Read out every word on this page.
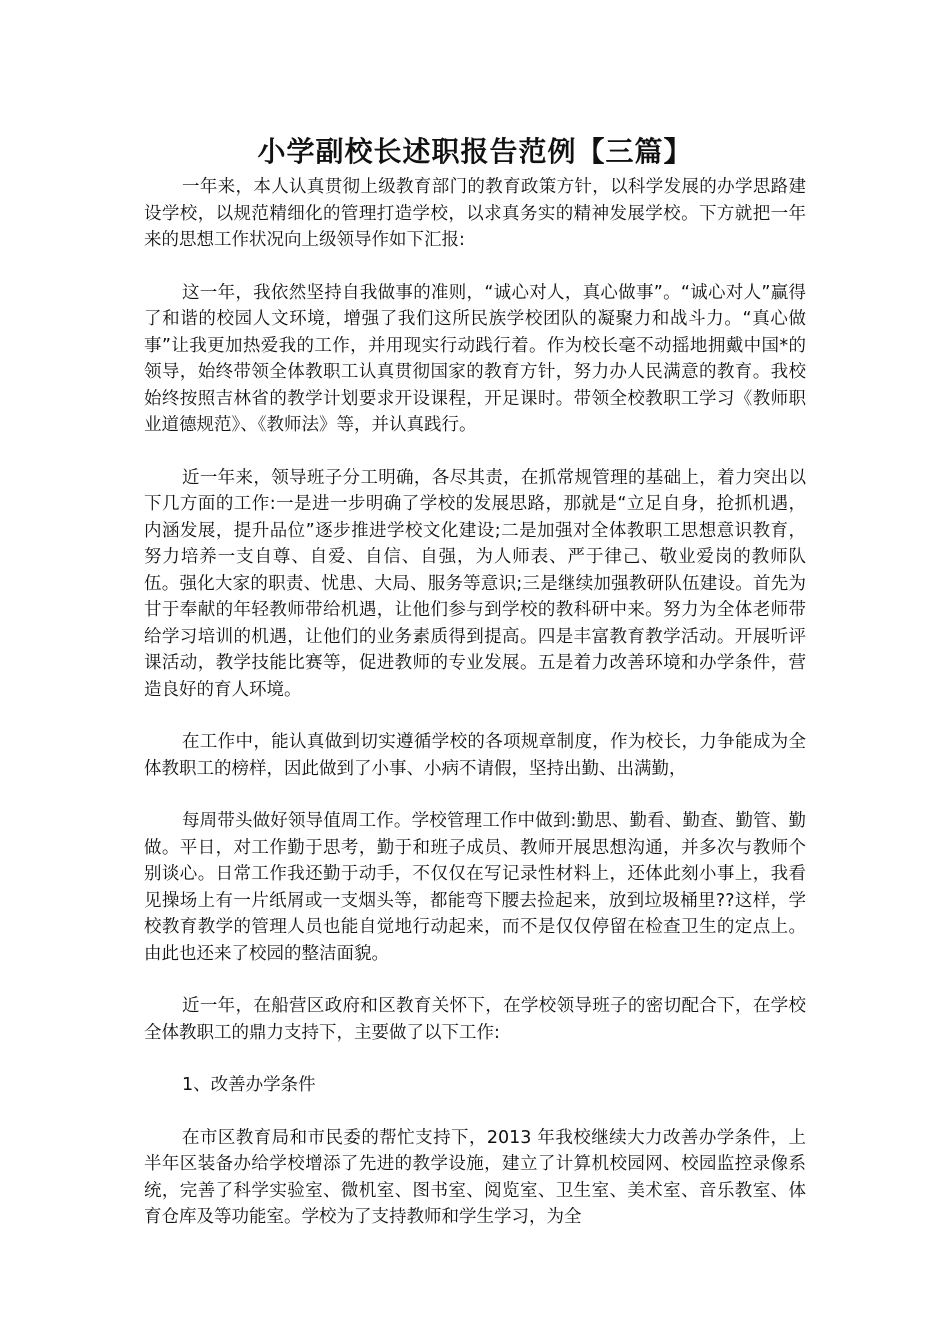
小学副校长述职报告范例【三篇】

一年来，本人认真贯彻上级教育部门的教育政策方针，以科学发展的办学思路建设学校，以规范精细化的管理打造学校，以求真务实的精神发展学校。下方就把一年来的思想工作状况向上级领导作如下汇报:

这一年，我依然坚持自我做事的准则，“诚心对人，真心做事”。“诚心对人”赢得了和谐的校园人文环境，增强了我们这所民族学校团队的凝聚力和战斗力。“真心做事”让我更加热爱我的工作，并用现实行动践行着。作为校长毫不动摇地拥戴中国*的领导，始终带领全体教职工认真贯彻国家的教育方针，努力办人民满意的教育。我校始终按照吉林省的教学计划要求开设课程，开足课时。带领全校教职工学习《教师职业道德规范》、《教师法》等，并认真践行。

近一年来，领导班子分工明确，各尽其责，在抓常规管理的基础上，着力突出以下几方面的工作:一是进一步明确了学校的发展思路，那就是“立足自身，抢抓机遇，内涵发展，提升品位”逐步推进学校文化建设;二是加强对全体教职工思想意识教育，努力培养一支自尊、自爱、自信、自强，为人师表、严于律己、敬业爱岗的教师队伍。强化大家的职责、忧患、大局、服务等意识;三是继续加强教研队伍建设。首先为甘于奉献的年轻教师带给机遇，让他们参与到学校的教科研中来。努力为全体老师带给学习培训的机遇，让他们的业务素质得到提高。四是丰富教育教学活动。开展听评课活动，教学技能比赛等，促进教师的专业发展。五是着力改善环境和办学条件，营造良好的育人环境。

在工作中，能认真做到切实遵循学校的各项规章制度，作为校长，力争能成为全体教职工的榜样，因此做到了小事、小病不请假，坚持出勤、出满勤，

每周带头做好领导值周工作。学校管理工作中做到:勤思、勤看、勤查、勤管、勤做。平日，对工作勤于思考，勤于和班子成员、教师开展思想沟通，并多次与教师个别谈心。日常工作我还勤于动手，不仅仅在写记录性材料上，还体此刻小事上，我看见操场上有一片纸屑或一支烟头等，都能弯下腰去捡起来，放到垃圾桶里??这样，学校教育教学的管理人员也能自觉地行动起来，而不是仅仅停留在检查卫生的定点上。由此也还来了校园的整洁面貌。

近一年，在船营区政府和区教育关怀下，在学校领导班子的密切配合下，在学校全体教职工的鼎力支持下，主要做了以下工作:

1、改善办学条件

在市区教育局和市民委的帮忙支持下，2013 年我校继续大力改善办学条件，上半年区装备办给学校增添了先进的教学设施，建立了计算机校园网、校园监控录像系统，完善了科学实验室、微机室、图书室、阅览室、卫生室、美术室、音乐教室、体育仓库及等功能室。学校为了支持教师和学生学习，为全
